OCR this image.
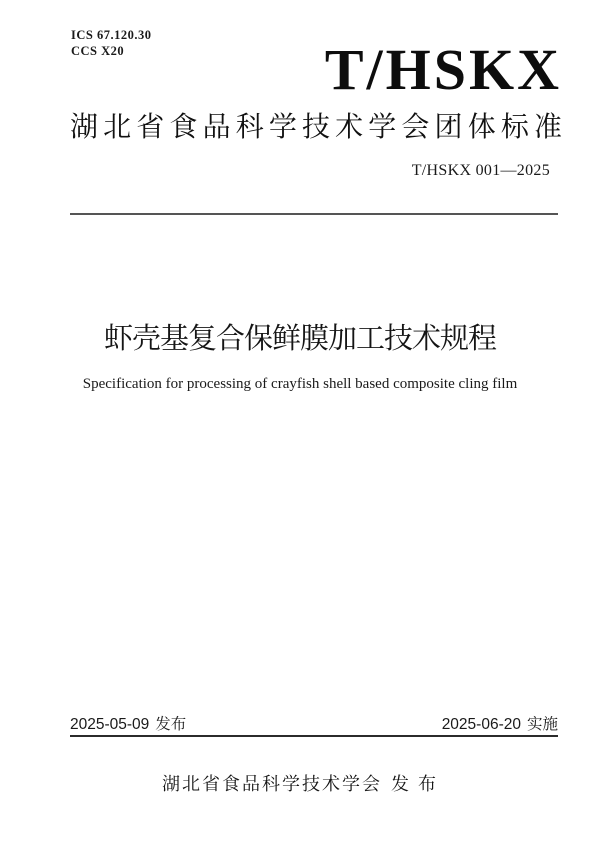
ICS 67.120.30
CCS X20	T/HSKX
湖 北 省 食 品 科 学 技 术 学 会 团 体 标 准
T/HSKX 001—2025
虾壳基复合保鲜膜加工技术规程
Specification for processing of crayfish shell based composite cling film
2025-05-09 发布	2025-06-20 实施
湖北省食品科学技术学会 发 布
